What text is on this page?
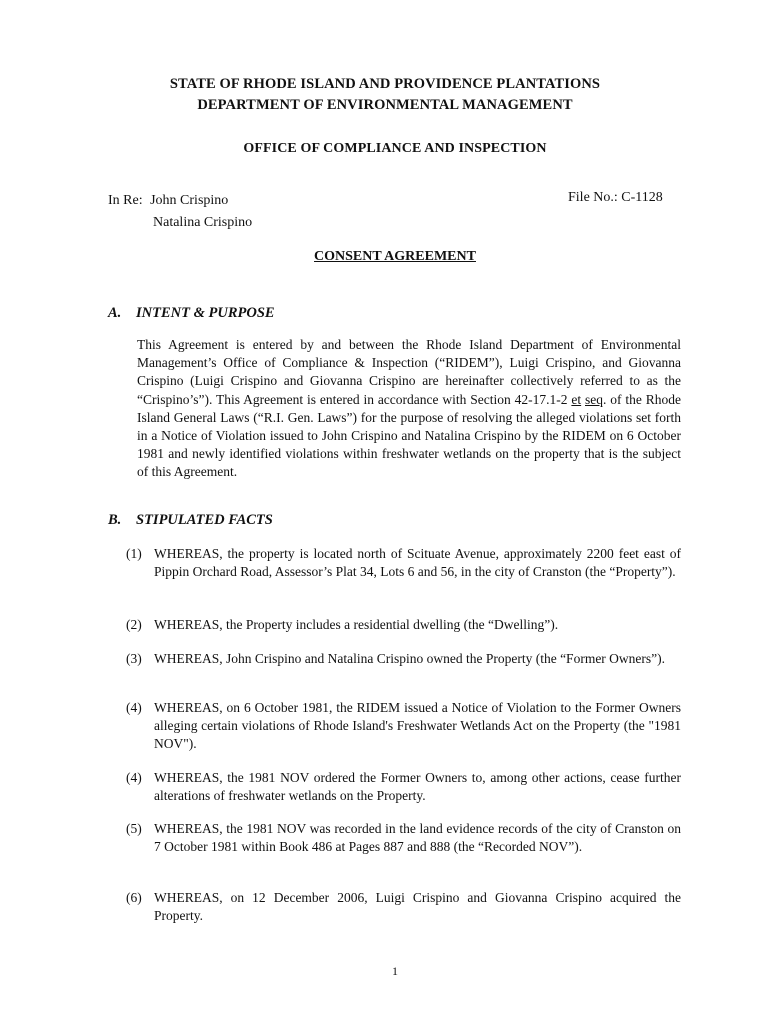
STATE OF RHODE ISLAND AND PROVIDENCE PLANTATIONS
DEPARTMENT OF ENVIRONMENTAL MANAGEMENT
OFFICE OF COMPLIANCE AND INSPECTION
In Re: John Crispino
Natalina Crispino
File No.: C-1128
CONSENT AGREEMENT
A. INTENT & PURPOSE
This Agreement is entered by and between the Rhode Island Department of Environmental Management’s Office of Compliance & Inspection (“RIDEM”), Luigi Crispino, and Giovanna Crispino (Luigi Crispino and Giovanna Crispino are hereinafter collectively referred to as the “Crispino’s”). This Agreement is entered in accordance with Section 42-17.1-2 et seq. of the Rhode Island General Laws (“R.I. Gen. Laws”) for the purpose of resolving the alleged violations set forth in a Notice of Violation issued to John Crispino and Natalina Crispino by the RIDEM on 6 October 1981 and newly identified violations within freshwater wetlands on the property that is the subject of this Agreement.
B. STIPULATED FACTS
(1) WHEREAS, the property is located north of Scituate Avenue, approximately 2200 feet east of Pippin Orchard Road, Assessor’s Plat 34, Lots 6 and 56, in the city of Cranston (the “Property”).
(2) WHEREAS, the Property includes a residential dwelling (the “Dwelling”).
(3) WHEREAS, John Crispino and Natalina Crispino owned the Property (the “Former Owners”).
(4) WHEREAS, on 6 October 1981, the RIDEM issued a Notice of Violation to the Former Owners alleging certain violations of Rhode Island's Freshwater Wetlands Act on the Property (the "1981 NOV").
(4) WHEREAS, the 1981 NOV ordered the Former Owners to, among other actions, cease further alterations of freshwater wetlands on the Property.
(5) WHEREAS, the 1981 NOV was recorded in the land evidence records of the city of Cranston on 7 October 1981 within Book 486 at Pages 887 and 888 (the “Recorded NOV”).
(6) WHEREAS, on 12 December 2006, Luigi Crispino and Giovanna Crispino acquired the Property.
1
